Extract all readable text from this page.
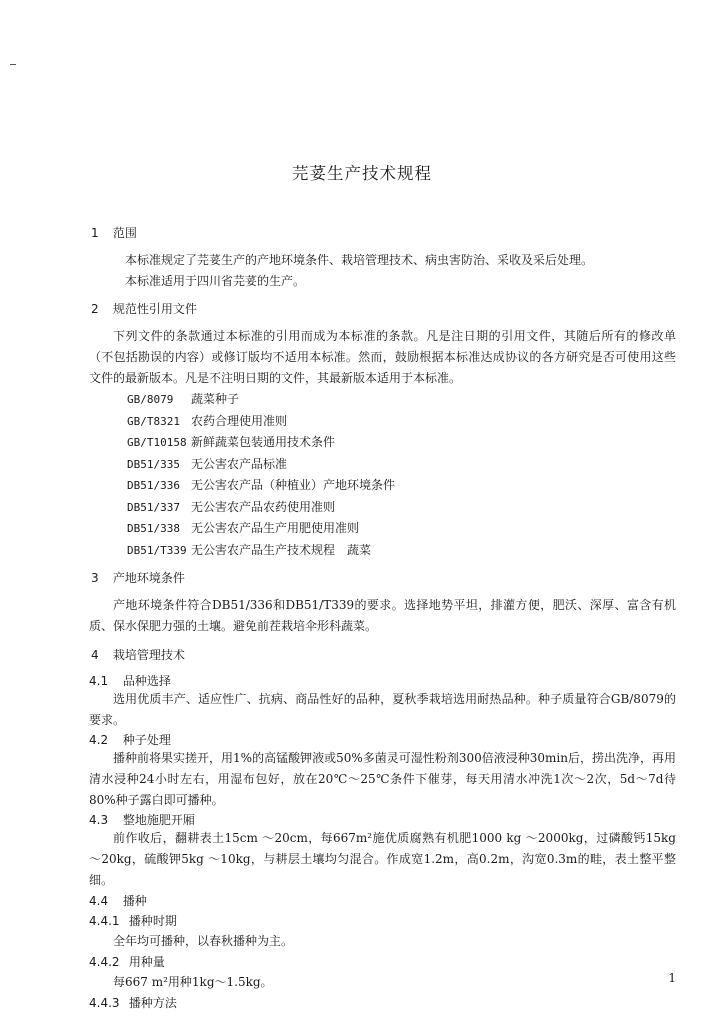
芫荽生产技术规程
1 范围

本标准规定了芫荽生产的产地环境条件、栽培管理技术、病虫害防治、采收及采后处理。

本标准适用于四川省芫荽的生产。

2 规范性引用文件

下列文件的条款通过本标准的引用而成为本标准的条款。凡是注日期的引用文件，其随后所有的修改单（不包括勘误的内容）或修订版均不适用本标准。然而，鼓励根据本标准达成协议的各方研究是否可使用这些文件的最新版本。凡是不注明日期的文件，其最新版本适用于本标准。

GB/8079 蔬菜种子
GB/T8321 农药合理使用准则
GB/T10158 新鲜蔬菜包装通用技术条件
DB51/335 无公害农产品标准
DB51/336 无公害农产品（种植业）产地环境条件
DB51/337 无公害农产品农药使用准则
DB51/338 无公害农产品生产用肥使用准则
DB51/T339 无公害农产品生产技术规程　蔬菜
3 产地环境条件

产地环境条件符合DB51/336和DB51/T339的要求。选择地势平坦，排灌方便，肥沃、深厚、富含有机质、保水保肥力强的土壤。避免前茬栽培伞形科蔬菜。

4 栽培管理技术
4.1 品种选择

选用优质丰产、适应性广、抗病、商品性好的品种，夏秋季栽培选用耐热品种。种子质量符合GB/8079的要求。

4.2 种子处理

播种前将果实搓开，用1%的高锰酸钾液或50%多菌灵可湿性粉剂300倍液浸种30min后，捞出洗净，再用清水浸种24小时左右，用湿布包好，放在20℃～25℃条件下催芽，每天用清水冲洗1次～2次，5d～7d待80%种子露白即可播种。

4.3 整地施肥开厢

前作收后，翻耕表土15cm ～20cm，每667m²施优质腐熟有机肥1000 kg ～2000kg，过磷酸钙15kg ～20kg，硫酸钾5kg ～10kg，与耕层土壤均匀混合。作成宽1.2m，高0.2m，沟宽0.3m的畦，表土整平整细。

4.4 播种
4.4.1 播种时期

全年均可播种，以春秋播种为主。

4.4.2 用种量

每667 m²用种1kg～1.5kg。

4.4.3 播种方法
1
